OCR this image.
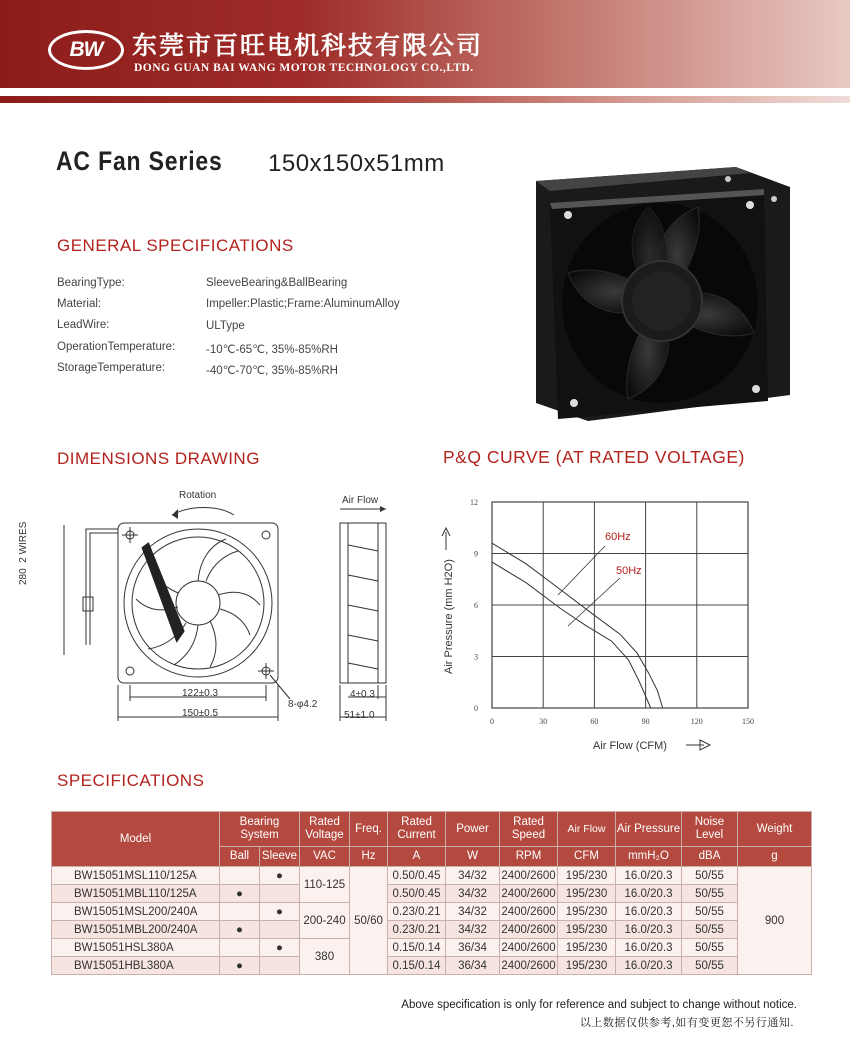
BW	东莞市百旺电机科技有限公司
DONG GUAN BAI WANG MOTOR TECHNOLOGY CO.,LTD.
AC Fan Series 150x150x51mm
GENERAL SPECIFICATIONS
BearingType:	SleeveBearing&BallBearing
Material:	Impeller:Plastic;Frame:AluminumAlloy
LeadWire:	ULType
OperationTemperature:	-10℃-65℃, 35%-85%RH
StorageTemperature:	-40℃-70℃, 35%-85%RH
DIMENSIONS DRAWING
Rotation	Air Flow
280  2 WIRES
122±0.3
150±0.5
8-φ4.2
4±0.3
51±1.0
P&Q CURVE (AT RATED VOLTAGE)
0	30	60	90	120	150
0
3
6
9
12
Air Pressure (mm H2O)
Air Flow (CFM)
60Hz
50Hz
SPECIFICATIONS
Model	Bearing System		Rated Voltage	Freq.	Rated Current	Power	Rated Speed	Air Flow	Air Pressure	Noise Level	Weight
	Ball	Sleeve	VAC	Hz	A	W	RPM	CFM	mmH₂O	dBA	g
BW15051MSL110/125A		●	110-125	50/60	0.50/0.45	34/32	2400/2600	195/230	16.0/20.3	50/55	900
BW15051MBL110/125A	●				0.50/0.45	34/32	2400/2600	195/230	16.0/20.3	50/55	
BW15051MSL200/240A		●	200-240		0.23/0.21	34/32	2400/2600	195/230	16.0/20.3	50/55	
BW15051MBL200/240A	●				0.23/0.21	34/32	2400/2600	195/230	16.0/20.3	50/55	
BW15051HSL380A		●	380		0.15/0.14	36/34	2400/2600	195/230	16.0/20.3	50/55	
BW15051HBL380A	●				0.15/0.14	36/34	2400/2600	195/230	16.0/20.3	50/55	
Above specification is only for reference and subject to change without notice.
以上数据仅供参考,如有变更恕不另行通知.
